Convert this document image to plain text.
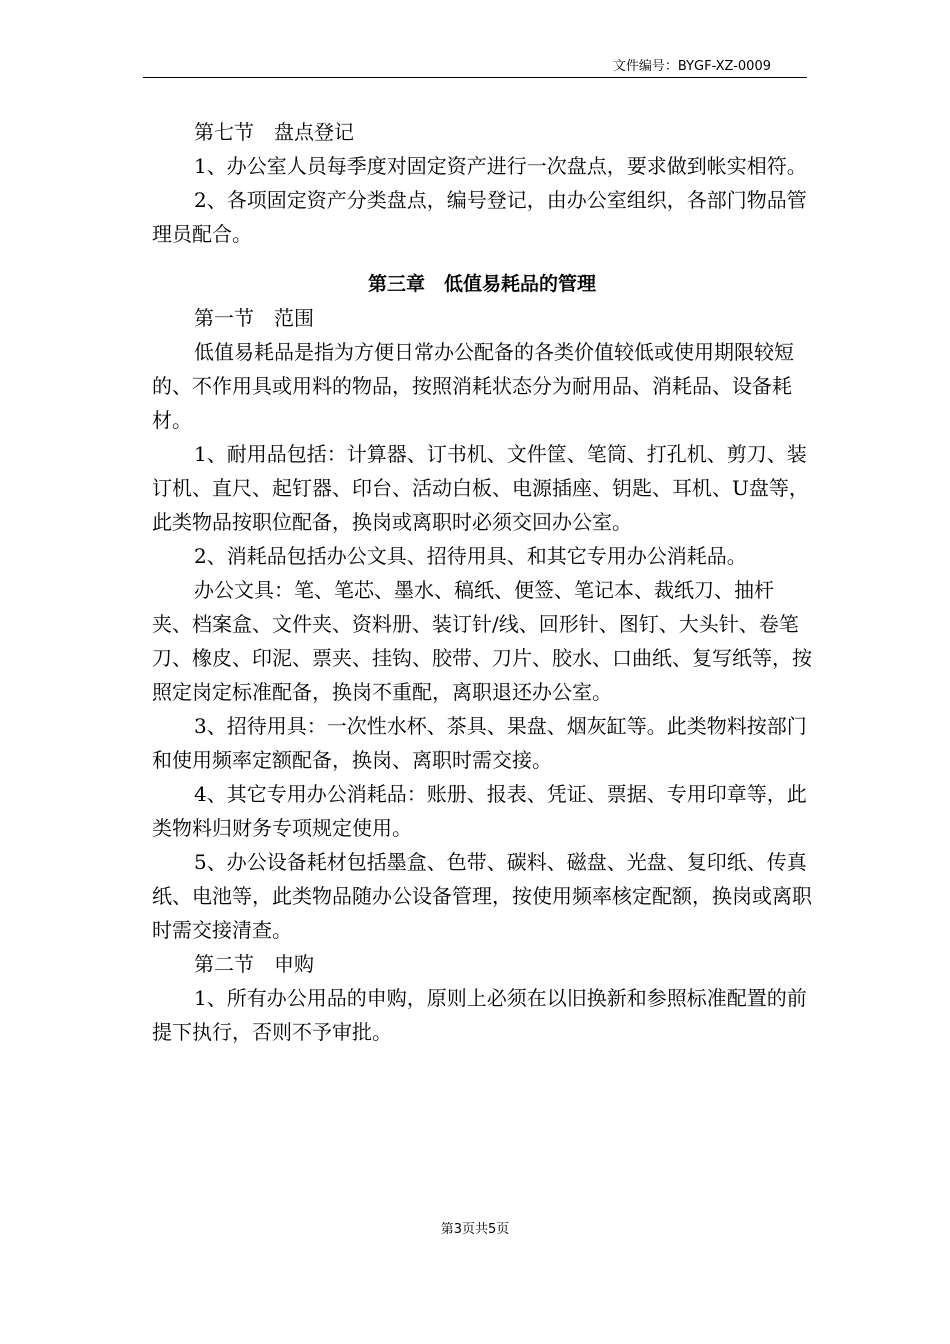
文件编号：BYGF-XZ-0009

第七节　盘点登记

1、办公室人员每季度对固定资产进行一次盘点，要求做到帐实相符。

2、各项固定资产分类盘点，编号登记，由办公室组织，各部门物品管理员配合。

第三章　低值易耗品的管理

第一节　范围

低值易耗品是指为方便日常办公配备的各类价值较低或使用期限较短的、不作用具或用料的物品，按照消耗状态分为耐用品、消耗品、设备耗材。

1、耐用品包括：计算器、订书机、文件筐、笔筒、打孔机、剪刀、装订机、直尺、起钉器、印台、活动白板、电源插座、钥匙、耳机、U盘等，此类物品按职位配备，换岗或离职时必须交回办公室。

2、消耗品包括办公文具、招待用具、和其它专用办公消耗品。

办公文具：笔、笔芯、墨水、稿纸、便签、笔记本、裁纸刀、抽杆夹、档案盒、文件夹、资料册、装订针/线、回形针、图钉、大头针、卷笔刀、橡皮、印泥、票夹、挂钩、胶带、刀片、胶水、口曲纸、复写纸等，按照定岗定标准配备，换岗不重配，离职退还办公室。

3、招待用具：一次性水杯、茶具、果盘、烟灰缸等。此类物料按部门和使用频率定额配备，换岗、离职时需交接。

4、其它专用办公消耗品：账册、报表、凭证、票据、专用印章等，此类物料归财务专项规定使用。

5、办公设备耗材包括墨盒、色带、碳料、磁盘、光盘、复印纸、传真纸、电池等，此类物品随办公设备管理，按使用频率核定配额，换岗或离职时需交接清查。

第二节　申购

1、所有办公用品的申购，原则上必须在以旧换新和参照标准配置的前提下执行，否则不予审批。

第3页共5页
